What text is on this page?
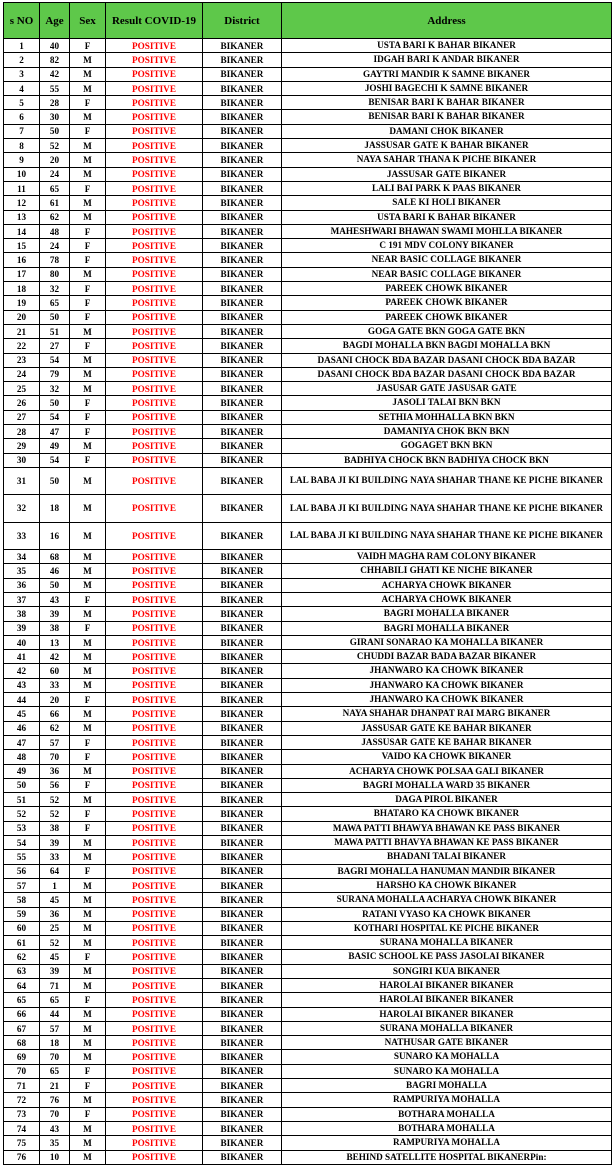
s NO	Age	Sex	Result COVID-19	District	Address
1	40	F	POSITIVE	BIKANER	USTA BARI K BAHAR BIKANER
2	82	M	POSITIVE	BIKANER	IDGAH BARI K ANDAR BIKANER
3	42	M	POSITIVE	BIKANER	GAYTRI MANDIR K SAMNE BIKANER
4	55	M	POSITIVE	BIKANER	JOSHI BAGECHI K SAMNE BIKANER
5	28	F	POSITIVE	BIKANER	BENISAR BARI K BAHAR BIKANER
6	30	M	POSITIVE	BIKANER	BENISAR BARI K BAHAR BIKANER
7	50	F	POSITIVE	BIKANER	DAMANI CHOK BIKANER
8	52	M	POSITIVE	BIKANER	JASSUSAR GATE K BAHAR BIKANER
9	20	M	POSITIVE	BIKANER	NAYA SAHAR THANA K PICHE BIKANER
10	24	M	POSITIVE	BIKANER	JASSUSAR GATE BIKANER
11	65	F	POSITIVE	BIKANER	LALI BAI PARK K PAAS BIKANER
12	61	M	POSITIVE	BIKANER	SALE KI HOLI BIKANER
13	62	M	POSITIVE	BIKANER	USTA BARI K BAHAR BIKANER
14	48	F	POSITIVE	BIKANER	MAHESHWARI BHAWAN SWAMI MOHLLA BIKANER
15	24	F	POSITIVE	BIKANER	C 191 MDV COLONY BIKANER
16	78	F	POSITIVE	BIKANER	NEAR BASIC COLLAGE BIKANER
17	80	M	POSITIVE	BIKANER	NEAR BASIC COLLAGE BIKANER
18	32	F	POSITIVE	BIKANER	PAREEK CHOWK BIKANER
19	65	F	POSITIVE	BIKANER	PAREEK CHOWK BIKANER
20	50	F	POSITIVE	BIKANER	PAREEK CHOWK BIKANER
21	51	M	POSITIVE	BIKANER	GOGA GATE BKN GOGA GATE BKN
22	27	F	POSITIVE	BIKANER	BAGDI MOHALLA BKN BAGDI MOHALLA BKN
23	54	M	POSITIVE	BIKANER	DASANI CHOCK BDA BAZAR DASANI CHOCK BDA BAZAR
24	79	M	POSITIVE	BIKANER	DASANI CHOCK BDA BAZAR DASANI CHOCK BDA BAZAR
25	32	M	POSITIVE	BIKANER	JASUSAR GATE JASUSAR GATE
26	50	F	POSITIVE	BIKANER	JASOLI TALAI BKN BKN
27	54	F	POSITIVE	BIKANER	SETHIA MOHHALLA BKN BKN
28	47	F	POSITIVE	BIKANER	DAMANIYA CHOK BKN BKN
29	49	M	POSITIVE	BIKANER	GOGAGET BKN BKN
30	54	F	POSITIVE	BIKANER	BADHIYA CHOCK BKN BADHIYA CHOCK BKN
31	50	M	POSITIVE	BIKANER	LAL BABA JI KI BUILDING NAYA SHAHAR THANE KE PICHE BIKANER
32	18	M	POSITIVE	BIKANER	LAL BABA JI KI BUILDING NAYA SHAHAR THANE KE PICHE BIKANER
33	16	M	POSITIVE	BIKANER	LAL BABA JI KI BUILDING NAYA SHAHAR THANE KE PICHE BIKANER
34	68	M	POSITIVE	BIKANER	VAIDH MAGHA RAM COLONY BIKANER
35	46	M	POSITIVE	BIKANER	CHHABILI GHATI KE NICHE BIKANER
36	50	M	POSITIVE	BIKANER	ACHARYA CHOWK BIKANER
37	43	F	POSITIVE	BIKANER	ACHARYA CHOWK BIKANER
38	39	M	POSITIVE	BIKANER	BAGRI MOHALLA BIKANER
39	38	F	POSITIVE	BIKANER	BAGRI MOHALLA BIKANER
40	13	M	POSITIVE	BIKANER	GIRANI SONARAO KA MOHALLA BIKANER
41	42	M	POSITIVE	BIKANER	CHUDDI BAZAR BADA BAZAR BIKANER
42	60	M	POSITIVE	BIKANER	JHANWARO KA CHOWK BIKANER
43	33	M	POSITIVE	BIKANER	JHANWARO KA CHOWK BIKANER
44	20	F	POSITIVE	BIKANER	JHANWARO KA CHOWK BIKANER
45	66	M	POSITIVE	BIKANER	NAYA SHAHAR DHANPAT RAI MARG BIKANER
46	62	M	POSITIVE	BIKANER	JASSUSAR GATE KE BAHAR BIKANER
47	57	F	POSITIVE	BIKANER	JASSUSAR GATE KE BAHAR BIKANER
48	70	F	POSITIVE	BIKANER	VAIDO KA CHOWK BIKANER
49	36	M	POSITIVE	BIKANER	ACHARYA CHOWK POLSAA GALI BIKANER
50	56	F	POSITIVE	BIKANER	BAGRI MOHALLA WARD 35 BIKANER
51	52	M	POSITIVE	BIKANER	DAGA PIROL BIKANER
52	52	F	POSITIVE	BIKANER	BHATARO KA CHOWK BIKANER
53	38	F	POSITIVE	BIKANER	MAWA PATTI BHAWYA BHAWAN KE PASS BIKANER
54	39	M	POSITIVE	BIKANER	MAWA PATTI BHAVYA BHAWAN KE PASS BIKANER
55	33	M	POSITIVE	BIKANER	BHADANI TALAI BIKANER
56	64	F	POSITIVE	BIKANER	BAGRI MOHALLA HANUMAN MANDIR BIKANER
57	1	M	POSITIVE	BIKANER	HARSHO KA CHOWK BIKANER
58	45	M	POSITIVE	BIKANER	SURANA MOHALLA ACHARYA CHOWK BIKANER
59	36	M	POSITIVE	BIKANER	RATANI VYASO KA CHOWK BIKANER
60	25	M	POSITIVE	BIKANER	KOTHARI HOSPITAL KE PICHE BIKANER
61	52	M	POSITIVE	BIKANER	SURANA MOHALLA BIKANER
62	45	F	POSITIVE	BIKANER	BASIC SCHOOL KE PASS JASOLAI BIKANER
63	39	M	POSITIVE	BIKANER	SONGIRI KUA BIKANER
64	71	M	POSITIVE	BIKANER	HAROLAI BIKANER BIKANER
65	65	F	POSITIVE	BIKANER	HAROLAI BIKANER BIKANER
66	44	M	POSITIVE	BIKANER	HAROLAI BIKANER BIKANER
67	57	M	POSITIVE	BIKANER	SURANA MOHALLA BIKANER
68	18	M	POSITIVE	BIKANER	NATHUSAR GATE BIKANER
69	70	M	POSITIVE	BIKANER	SUNARO KA MOHALLA
70	65	F	POSITIVE	BIKANER	SUNARO KA MOHALLA
71	21	F	POSITIVE	BIKANER	BAGRI MOHALLA
72	76	M	POSITIVE	BIKANER	RAMPURIYA MOHALLA
73	70	F	POSITIVE	BIKANER	BOTHARA MOHALLA
74	43	M	POSITIVE	BIKANER	BOTHARA MOHALLA
75	35	M	POSITIVE	BIKANER	RAMPURIYA MOHALLA
76	10	M	POSITIVE	BIKANER	BEHIND SATELLITE HOSPITAL BIKANERPin:
